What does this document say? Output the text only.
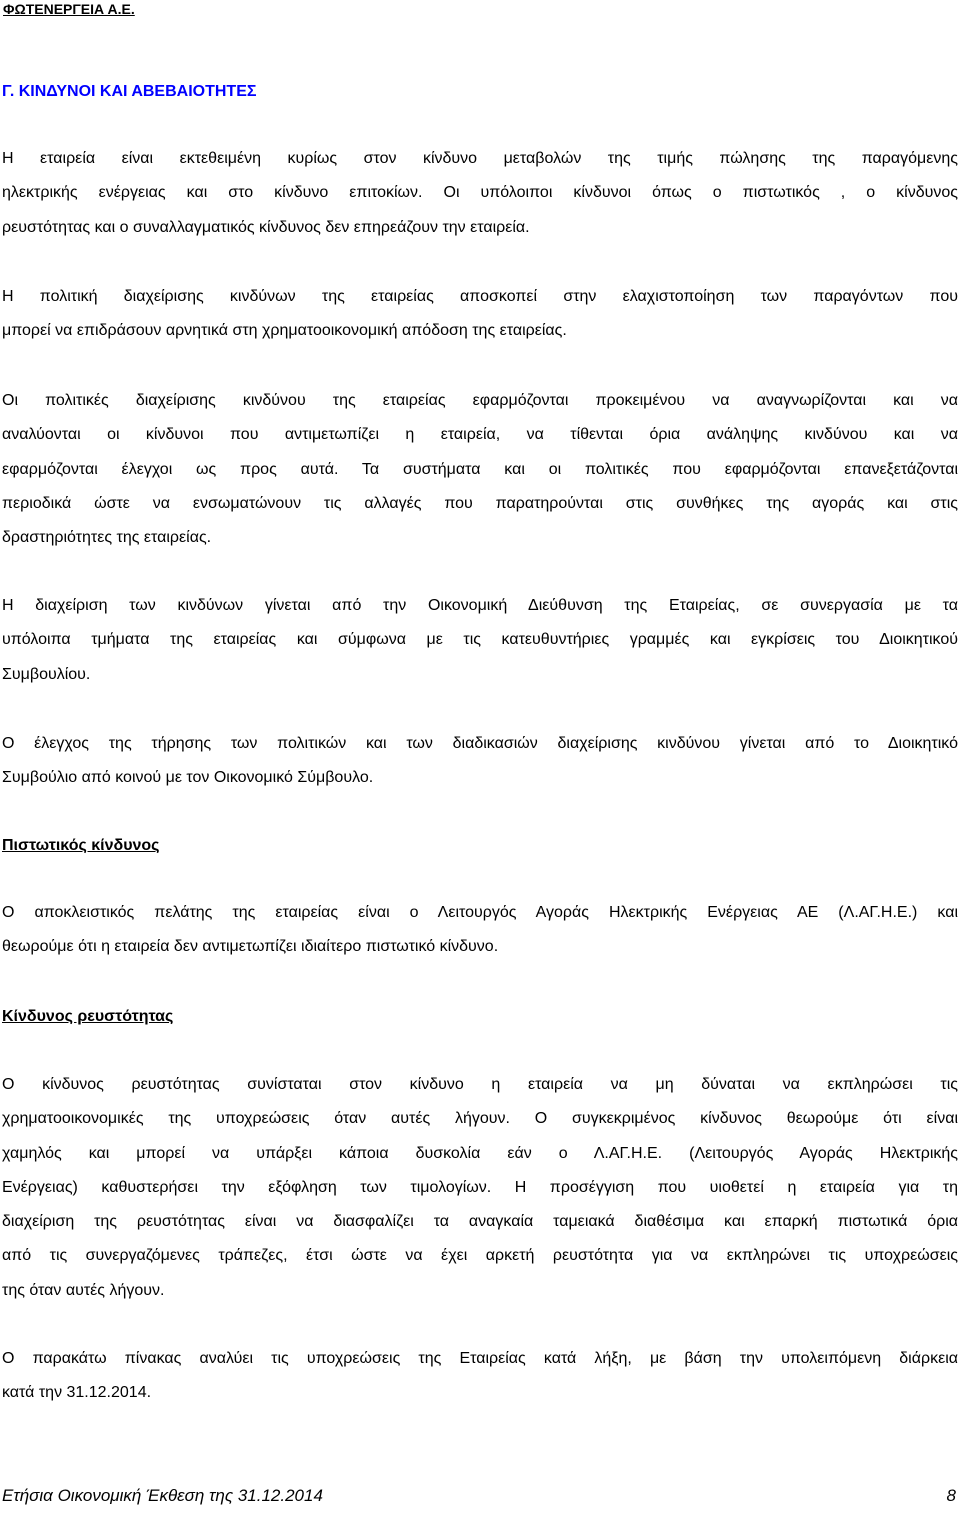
ΦΩΤΕΝΕΡΓΕΙΑ Α.Ε.
Γ. ΚΙΝΔΥΝΟΙ ΚΑΙ ΑΒΕΒΑΙΟΤΗΤΕΣ
Η εταιρεία είναι εκτεθειμένη κυρίως στον κίνδυνο μεταβολών της τιμής πώλησης της παραγόμενης
ηλεκτρικής ενέργειας και στο κίνδυνο επιτοκίων. Οι υπόλοιποι κίνδυνοι όπως ο πιστωτικός , ο κίνδυνος
ρευστότητας και ο συναλλαγματικός κίνδυνος δεν επηρεάζουν την εταιρεία.
Η πολιτική διαχείρισης κινδύνων της εταιρείας αποσκοπεί στην ελαχιστοποίηση των παραγόντων που
μπορεί να επιδράσουν αρνητικά στη χρηματοοικονομική απόδοση της εταιρείας.
Οι πολιτικές διαχείρισης κινδύνου της εταιρείας εφαρμόζονται προκειμένου να αναγνωρίζονται και να
αναλύονται οι κίνδυνοι που αντιμετωπίζει η εταιρεία, να τίθενται όρια ανάληψης κινδύνου και να
εφαρμόζονται έλεγχοι ως προς αυτά. Τα συστήματα και οι πολιτικές που εφαρμόζονται επανεξετάζονται
περιοδικά ώστε να ενσωματώνουν τις αλλαγές που παρατηρούνται στις συνθήκες της αγοράς και στις
δραστηριότητες της εταιρείας.
Η διαχείριση των κινδύνων γίνεται από την Οικονομική Διεύθυνση της Εταιρείας, σε συνεργασία με τα
υπόλοιπα τμήματα της εταιρείας και σύμφωνα με τις κατευθυντήριες γραμμές και εγκρίσεις του Διοικητικού
Συμβουλίου.
Ο έλεγχος της τήρησης των πολιτικών και των διαδικασιών διαχείρισης κινδύνου γίνεται από το Διοικητικό
Συμβούλιο από κοινού με τον Οικονομικό Σύμβουλο.
Πιστωτικός κίνδυνος
Ο αποκλειστικός πελάτης της εταιρείας είναι ο Λειτουργός Αγοράς Ηλεκτρικής Ενέργειας ΑΕ (Λ.ΑΓ.Η.Ε.) και
θεωρούμε ότι η εταιρεία δεν αντιμετωπίζει ιδιαίτερο πιστωτικό κίνδυνο.
Κίνδυνος ρευστότητας
Ο κίνδυνος ρευστότητας συνίσταται στον κίνδυνο η εταιρεία να μη δύναται να εκπληρώσει τις
χρηματοοικονομικές της υποχρεώσεις όταν αυτές λήγουν. Ο συγκεκριμένος κίνδυνος θεωρούμε ότι είναι
χαμηλός και μπορεί να υπάρξει κάποια δυσκολία εάν ο Λ.ΑΓ.Η.Ε. (Λειτουργός Αγοράς Ηλεκτρικής
Ενέργειας) καθυστερήσει την εξόφληση των τιμολογίων. Η προσέγγιση που υιοθετεί η εταιρεία για τη
διαχείριση της ρευστότητας είναι να διασφαλίζει τα αναγκαία ταμειακά διαθέσιμα και επαρκή πιστωτικά όρια
από τις συνεργαζόμενες τράπεζες, έτσι ώστε να έχει αρκετή ρευστότητα για να εκπληρώνει τις υποχρεώσεις
της όταν αυτές λήγουν.
Ο παρακάτω πίνακας αναλύει τις υποχρεώσεις της Εταιρείας κατά λήξη, με βάση την υπολειπόμενη διάρκεια
κατά την 31.12.2014.
Ετήσια Οικονομική Έκθεση της 31.12.2014	8
